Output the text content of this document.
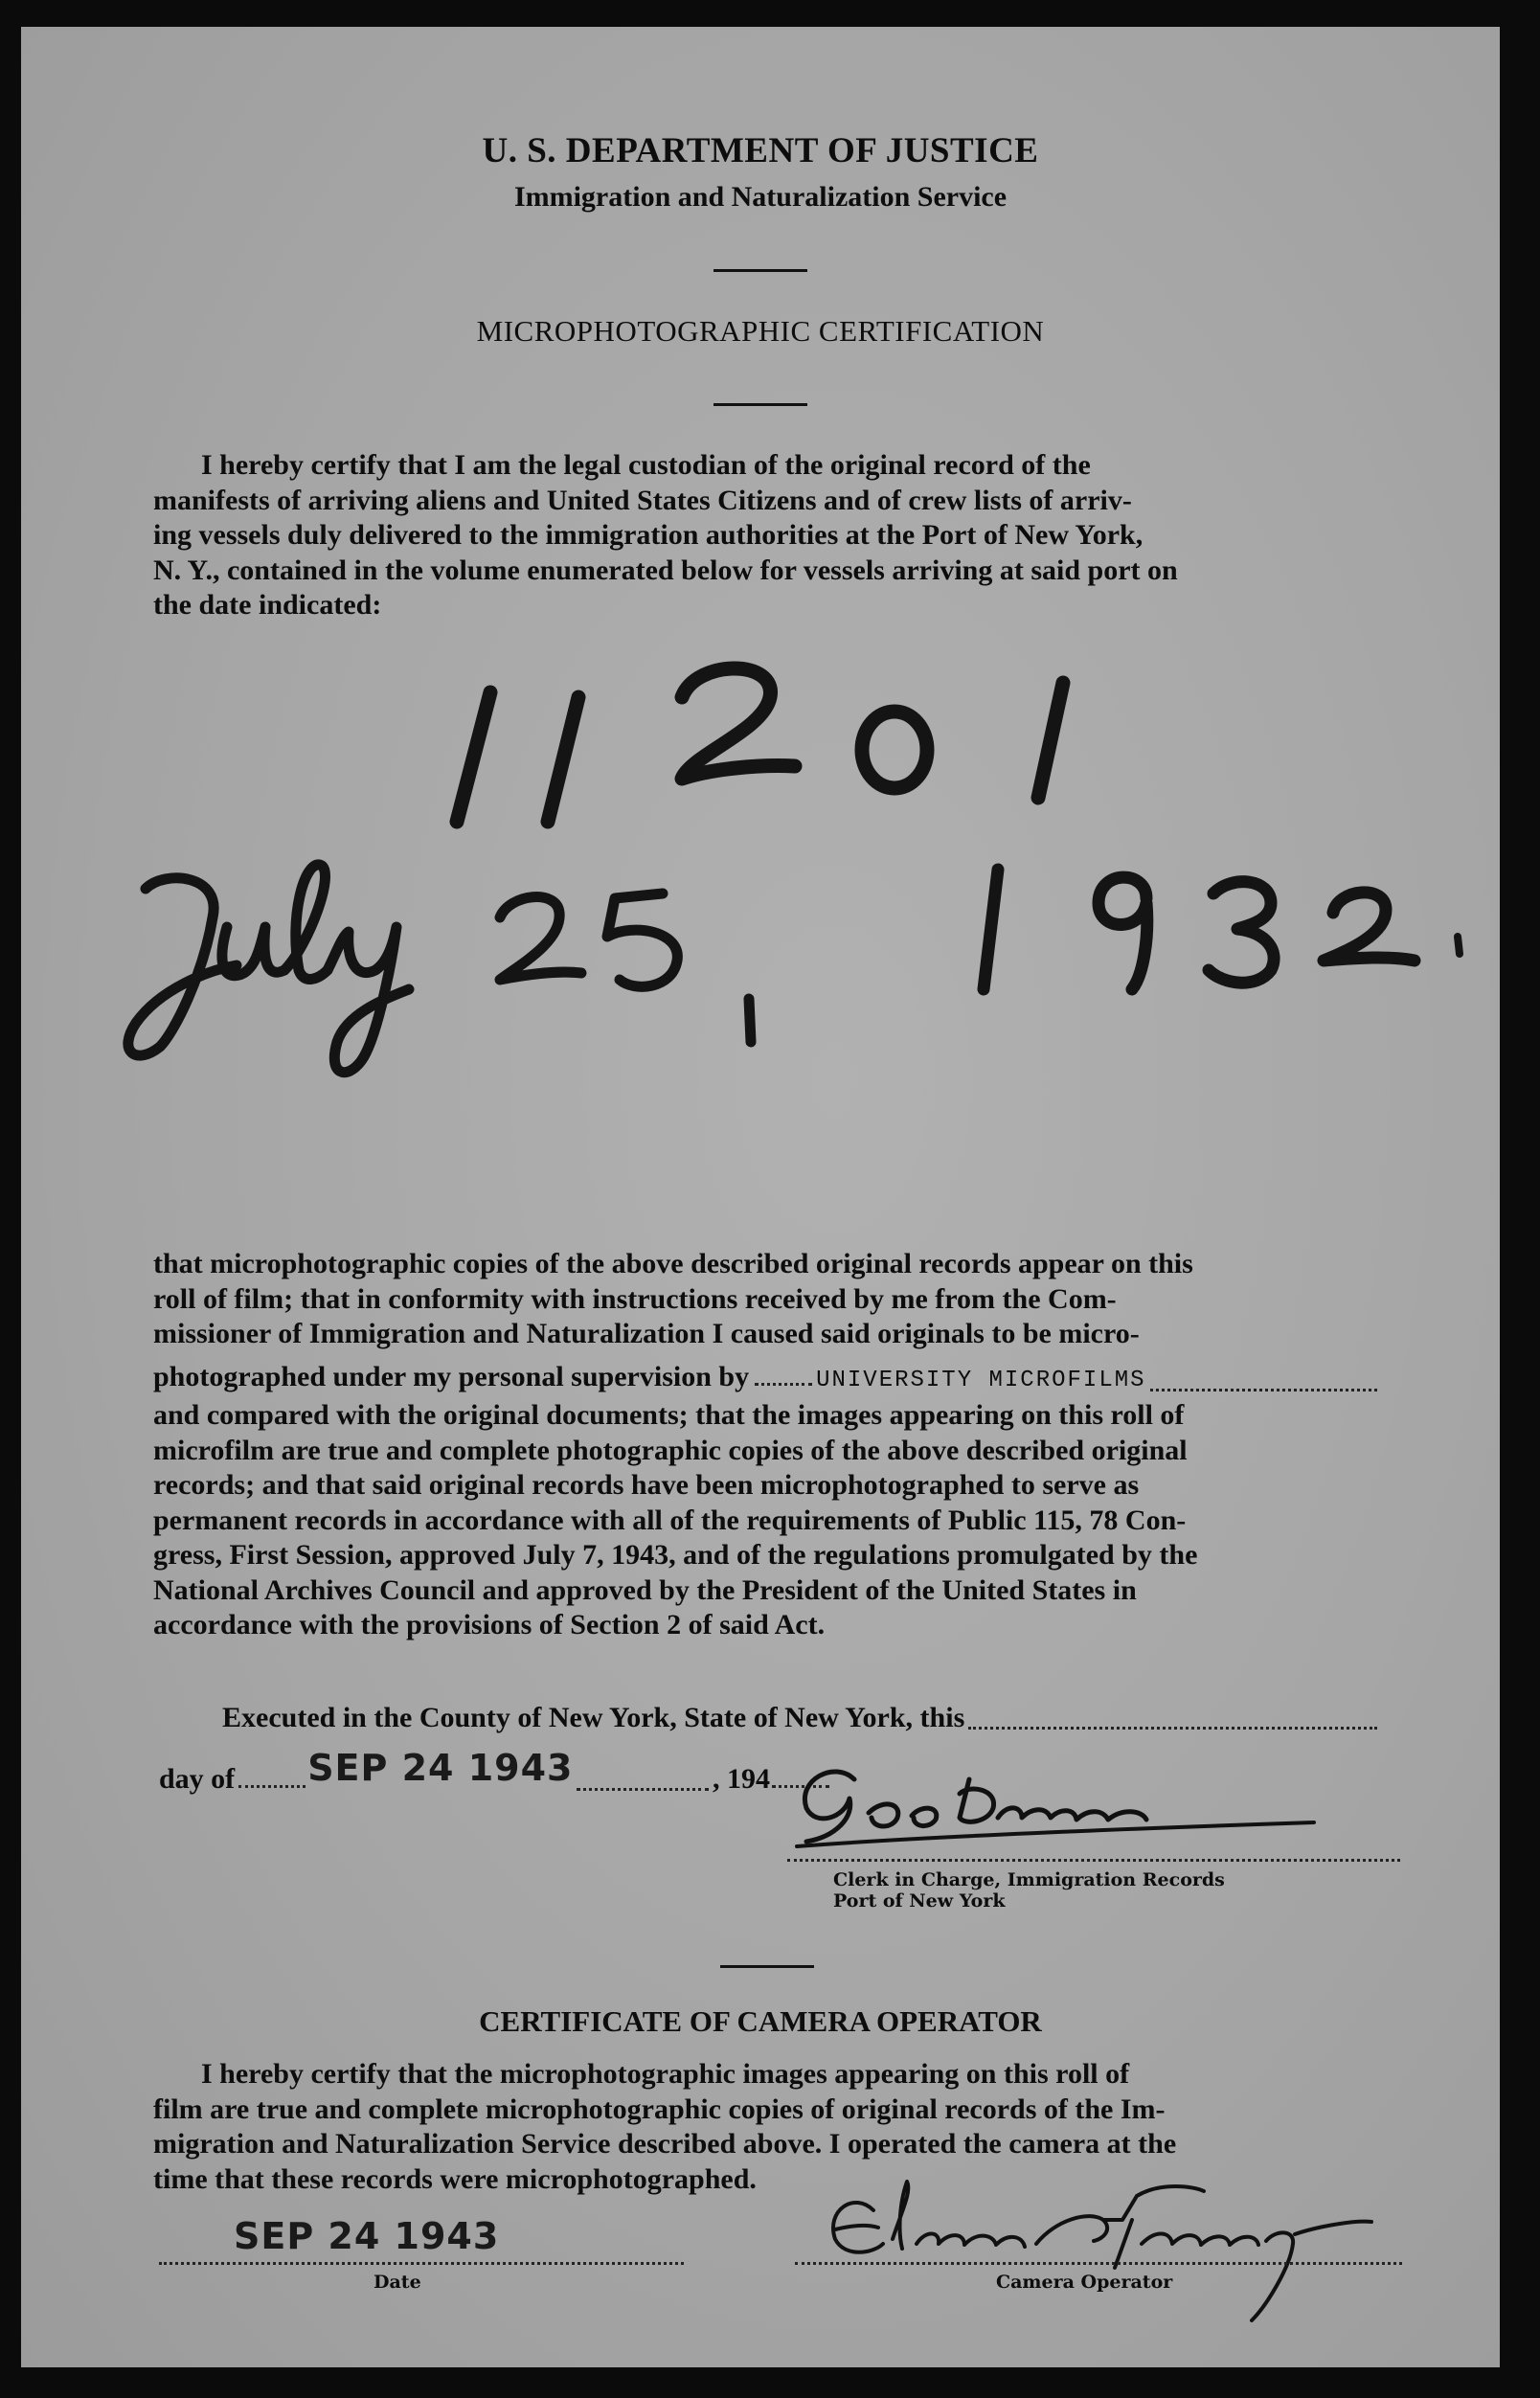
U. S. DEPARTMENT OF JUSTICE
Immigration and Naturalization Service
MICROPHOTOGRAPHIC CERTIFICATION
I hereby certify that I am the legal custodian of the original record of the
manifests of arriving aliens and United States Citizens and of crew lists of arriv-
ing vessels duly delivered to the immigration authorities at the Port of New York,
N. Y., contained in the volume enumerated below for vessels arriving at said port on
the date indicated:
that microphotographic copies of the above described original records appear on this
roll of film; that in conformity with instructions received by me from the Com-
missioner of Immigration and Naturalization I caused said originals to be micro-
photographed under my personal supervision by	UNIVERSITY MICROFILMS
and compared with the original documents; that the images appearing on this roll of
microfilm are true and complete photographic copies of the above described original
records; and that said original records have been microphotographed to serve as
permanent records in accordance with all of the requirements of Public 115, 78 Con-
gress, First Session, approved July 7, 1943, and of the regulations promulgated by the
National Archives Council and approved by the President of the United States in
accordance with the provisions of Section 2 of said Act.
Executed in the County of New York, State of New York, this
day of SEP 24 1943	, 194
Clerk in Charge, Immigration Records
Port of New York
CERTIFICATE OF CAMERA OPERATOR
I hereby certify that the microphotographic images appearing on this roll of
film are true and complete microphotographic copies of original records of the Im-
migration and Naturalization Service described above. I operated the camera at the
time that these records were microphotographed.
SEP 24 1943
Date	Camera Operator
